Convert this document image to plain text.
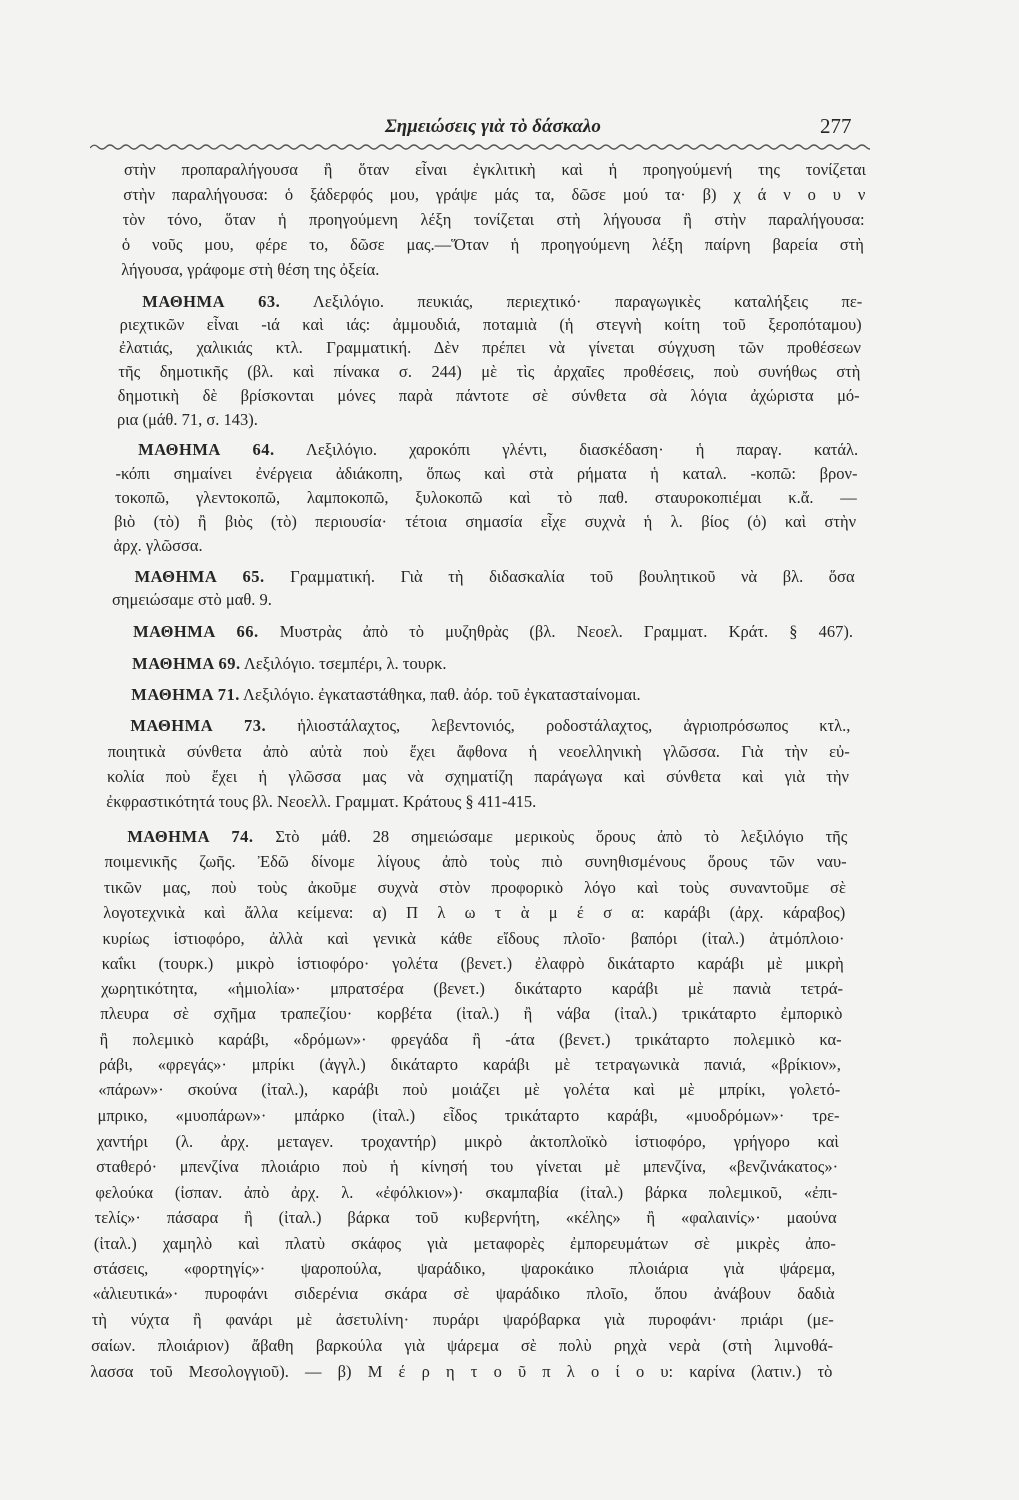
Σημειώσεις γιὰ τὸ δάσκαλο	277
στὴν προπαραλήγουσα ἢ ὅταν εἶναι ἐγκλιτικὴ καὶ ἡ προηγούμενή της τονίζεται
στὴν παραλήγουσα: ὁ ξάδερφός μου, γράψε μάς τα, δῶσε μού τα· β) χ ά ν ο υ ν
τὸν τόνο, ὅταν ἡ προηγούμενη λέξη τονίζεται στὴ λήγουσα ἢ στὴν παραλήγουσα:
ὁ νοῦς μου, φέρε το, δῶσε μας.—Ὅταν ἡ προηγούμενη λέξη παίρνη βαρεία στὴ
λήγουσα, γράφομε στὴ θέση της ὀξεία.
ΜΑΘΗΜΑ 63. Λεξιλόγιο. πευκιάς, περιεχτικό· παραγωγικὲς καταλήξεις πε-
ριεχτικῶν εἶναι -ιά καὶ ιάς: ἀμμουδιά, ποταμιὰ (ἡ στεγνὴ κοίτη τοῦ ξεροπόταμου)
ἐλατιάς, χαλικιάς κτλ. Γραμματική. Δὲν πρέπει νὰ γίνεται σύγχυση τῶν προθέσεων
τῆς δημοτικῆς (βλ. καὶ πίνακα σ. 244) μὲ τὶς ἀρχαῖες προθέσεις, ποὺ συνήθως στὴ
δημοτικὴ δὲ βρίσκονται μόνες παρὰ πάντοτε σὲ σύνθετα σὰ λόγια ἀχώριστα μό-
ρια (μάθ. 71, σ. 143).
ΜΑΘΗΜΑ 64. Λεξιλόγιο. χαροκόπι γλέντι, διασκέδαση· ἡ παραγ. κατάλ.
-κόπι σημαίνει ἐνέργεια ἀδιάκοπη, ὅπως καὶ στὰ ρήματα ἡ καταλ. -κοπῶ: βρον-
τοκοπῶ, γλεντοκοπῶ, λαμποκοπῶ, ξυλοκοπῶ καὶ τὸ παθ. σταυροκοπιέμαι κ.ἄ. —
βιὸ (τὸ) ἢ βιὸς (τὸ) περιουσία· τέτοια σημασία εἶχε συχνὰ ἡ λ. βίος (ὁ) καὶ στὴν
ἀρχ. γλῶσσα.
ΜΑΘΗΜΑ 65. Γραμματική. Γιὰ τὴ διδασκαλία τοῦ βουλητικοῦ νὰ βλ. ὅσα
σημειώσαμε στὸ μαθ. 9.
ΜΑΘΗΜΑ 66. Μυστρὰς ἀπὸ τὸ μυζηθρὰς (βλ. Νεοελ. Γραμματ. Κράτ. § 467).
ΜΑΘΗΜΑ 69. Λεξιλόγιο. τσεμπέρι, λ. τουρκ.
ΜΑΘΗΜΑ 71. Λεξιλόγιο. ἐγκαταστάθηκα, παθ. ἀόρ. τοῦ ἐγκατασταίνομαι.
ΜΑΘΗΜΑ 73. ἡλιοστάλαχτος, λεβεντονιός, ροδοστάλαχτος, ἀγριοπρόσωπος κτλ.,
ποιητικὰ σύνθετα ἀπὸ αὐτὰ ποὺ ἔχει ἄφθονα ἡ νεοελληνικὴ γλῶσσα. Γιὰ τὴν εὐ-
κολία ποὺ ἔχει ἡ γλῶσσα μας νὰ σχηματίζη παράγωγα καὶ σύνθετα καὶ γιὰ τὴν
ἐκφραστικότητά τους βλ. Νεοελλ. Γραμματ. Κράτους § 411-415.
ΜΑΘΗΜΑ 74. Στὸ μάθ. 28 σημειώσαμε μερικοὺς ὅρους ἀπὸ τὸ λεξιλόγιο τῆς
ποιμενικῆς ζωῆς. Ἐδῶ δίνομε λίγους ἀπὸ τοὺς πιὸ συνηθισμένους ὅρους τῶν ναυ-
τικῶν μας, ποὺ τοὺς ἀκοῦμε συχνὰ στὸν προφορικὸ λόγο καὶ τοὺς συναντοῦμε σὲ
λογοτεχνικὰ καὶ ἄλλα κείμενα: α) Π λ ω τ ὰ μ έ σ α: καράβι (ἀρχ. κάραβος)
κυρίως ἱστιοφόρο, ἀλλὰ καὶ γενικὰ κάθε εἴδους πλοῖο· βαπόρι (ἰταλ.) ἀτμόπλοιο·
καΐκι (τουρκ.) μικρὸ ἱστιοφόρο· γολέτα (βενετ.) ἐλαφρὸ δικάταρτο καράβι μὲ μικρὴ
χωρητικότητα, «ἡμιολία»· μπρατσέρα (βενετ.) δικάταρτο καράβι μὲ πανιὰ τετρά-
πλευρα σὲ σχῆμα τραπεζίου· κορβέτα (ἰταλ.) ἢ νάβα (ἰταλ.) τρικάταρτο ἐμπορικὸ
ἢ πολεμικὸ καράβι, «δρόμων»· φρεγάδα ἢ -άτα (βενετ.) τρικάταρτο πολεμικὸ κα-
ράβι, «φρεγάς»· μπρίκι (ἀγγλ.) δικάταρτο καράβι μὲ τετραγωνικὰ πανιά, «βρίκιον»,
«πάρων»· σκούνα (ἰταλ.), καράβι ποὺ μοιάζει μὲ γολέτα καὶ μὲ μπρίκι, γολετό-
μπρικο, «μυοπάρων»· μπάρκο (ἰταλ.) εἶδος τρικάταρτο καράβι, «μυοδρόμων»· τρε-
χαντήρι (λ. ἀρχ. μεταγεν. τροχαντήρ) μικρὸ ἀκτοπλοϊκὸ ἱστιοφόρο, γρήγορο καὶ
σταθερό· μπενζίνα πλοιάριο ποὺ ἡ κίνησή του γίνεται μὲ μπενζίνα, «βενζινάκατος»·
φελούκα (ἰσπαν. ἀπὸ ἀρχ. λ. «ἐφόλκιον»)· σκαμπαβία (ἰταλ.) βάρκα πολεμικοῦ, «ἐπι-
τελίς»· πάσαρα ἢ (ἰταλ.) βάρκα τοῦ κυβερνήτη, «κέλης» ἢ «φαλαινίς»· μαούνα
(ἰταλ.) χαμηλὸ καὶ πλατὺ σκάφος γιὰ μεταφορὲς ἐμπορευμάτων σὲ μικρὲς ἀπο-
στάσεις, «φορτηγίς»· ψαροπούλα, ψαράδικο, ψαροκάικο πλοιάρια γιὰ ψάρεμα,
«ἁλιευτικά»· πυροφάνι σιδερένια σκάρα σὲ ψαράδικο πλοῖο, ὅπου ἀνάβουν δαδιὰ
τὴ νύχτα ἢ φανάρι μὲ ἀσετυλίνη· πυράρι ψαρόβαρκα γιὰ πυροφάνι· πριάρι (με-
σαίων. πλοιάριον) ἄβαθη βαρκούλα γιὰ ψάρεμα σὲ πολὺ ρηχὰ νερὰ (στὴ λιμνοθά-
λασσα τοῦ Μεσολογγιοῦ). — β) Μ έ ρ η τ ο ῦ π λ ο ί ο υ: καρίνα (λατιν.) τὸ
